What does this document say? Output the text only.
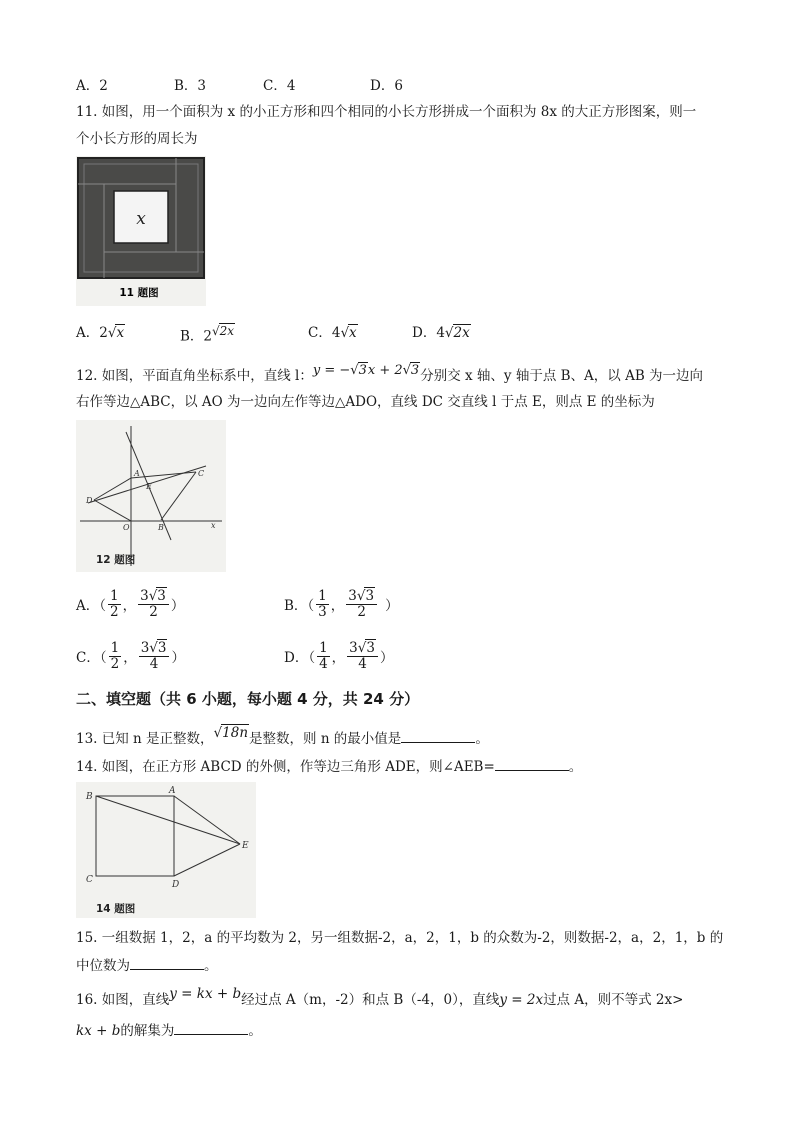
A．2	B．3	C．4	D．6
11. 如图，用一个面积为 x 的小正方形和四个相同的小长方形拼成一个面积为 8x 的大正方形图案，则一
个小长方形的周长为
x
11 题图
A．2√x	B．$2^{√2x}$	C．4√x	D．4√2x
12. 如图，平面直角坐标系中，直线 l：y = −√3x + 2√3分别交 x 轴、y 轴于点 B、A，以 AB 为一边向
右作等边△ABC，以 AO 为一边向左作等边△ADO，直线 DC 交直线 l 于点 E，则点 E 的坐标为
A	C
D
E
O	B	x
12 题图
A．（ $\frac{1}{2}$ ， $\frac{3√3}{2}$ ）	B．（ $\frac{1}{3}$ ， $\frac{3√3}{2}$ ）
C．（ $\frac{1}{2}$ ， $\frac{3√3}{4}$ ）	D．（ $\frac{1}{4}$ ， $\frac{3√3}{4}$ ）
二、填空题（共 6 小题，每小题 4 分，共 24 分）
13. 已知 n 是正整数，√18n是整数，则 n 的最小值是	。
14. 如图，在正方形 ABCD 的外侧，作等边三角形 ADE，则∠AEB=	。
B
A
C	D
E
14 题图
15. 一组数据 1，2，a 的平均数为 2，另一组数据-2，a，2，1，b 的众数为-2，则数据-2，a，2，1，b 的
中位数为	。
16. 如图，直线y = kx + b经过点 A（m，-2）和点 B（-4，0），直线y = 2x过点 A，则不等式 2x>
kx + b的解集为	。
